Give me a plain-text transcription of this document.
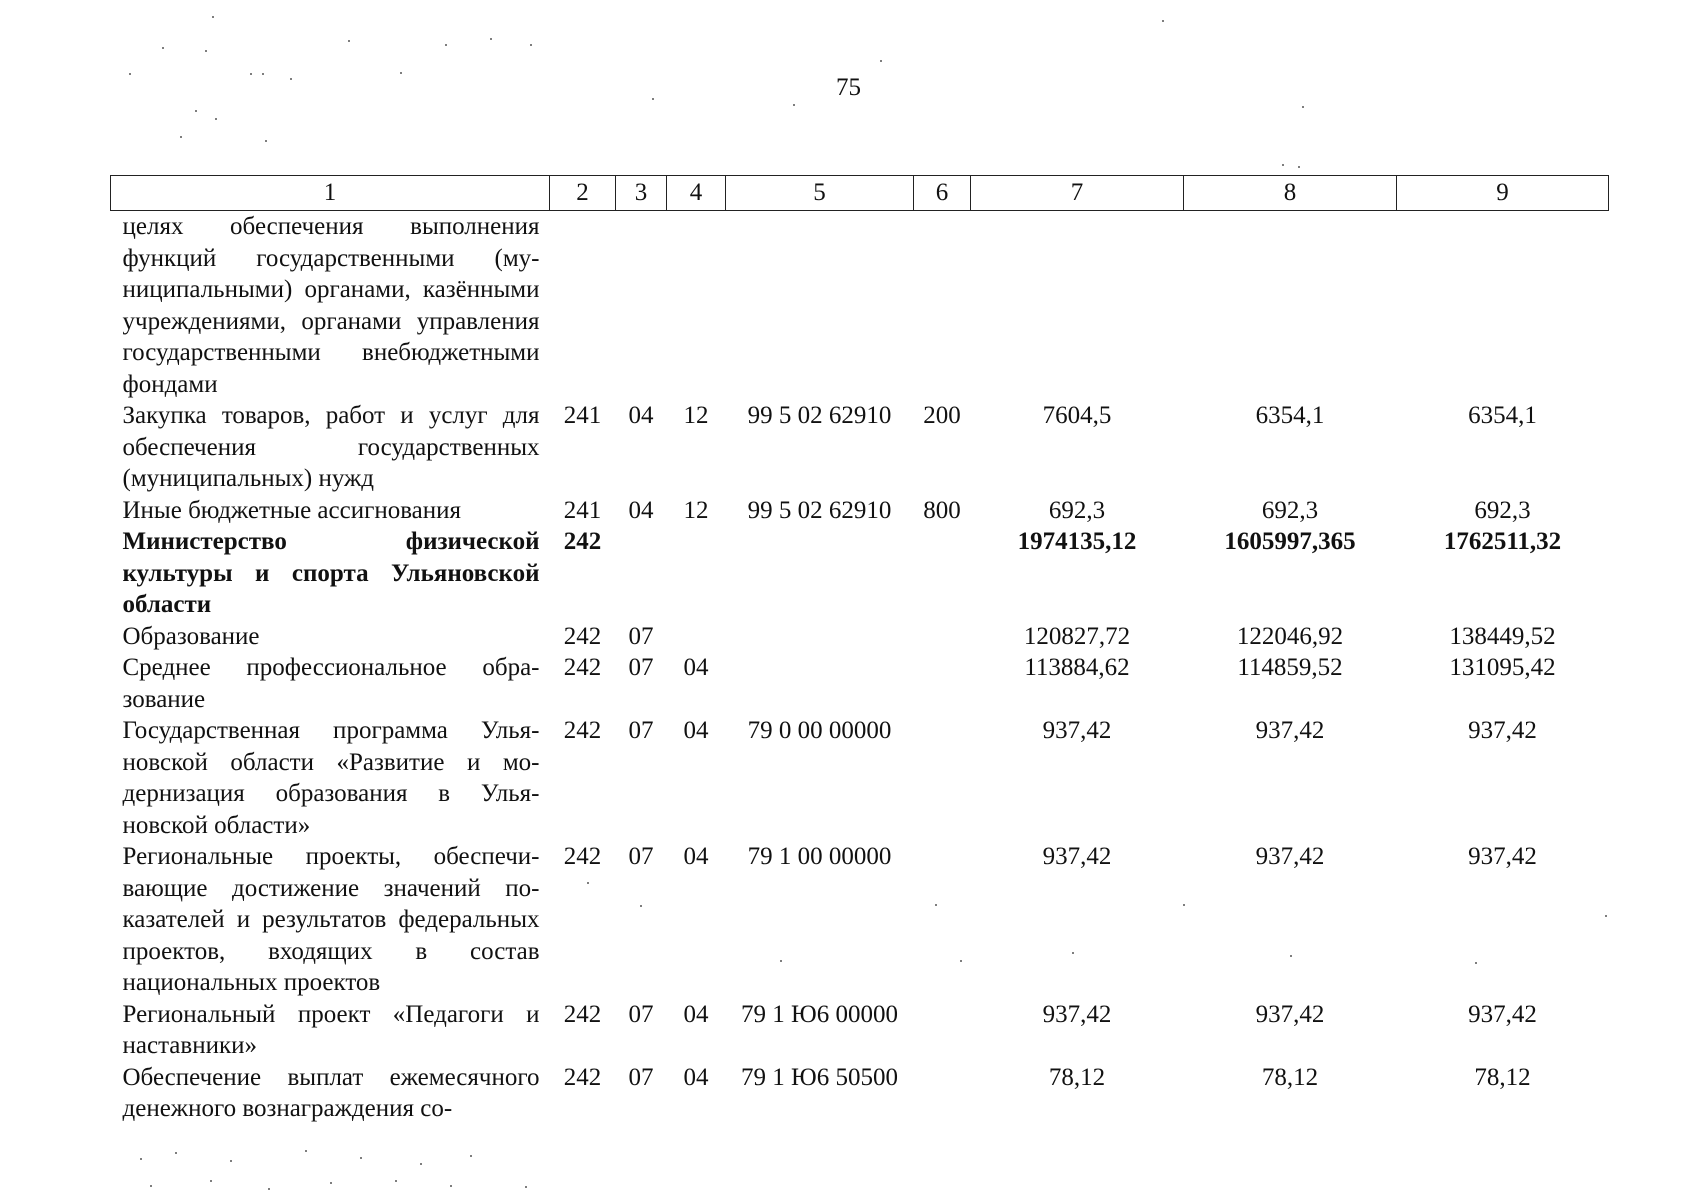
75
1	2	3	4	5	6	7	8	9
целях обеспечения выполнения функций государственными (муниципальными) органами, казёнными учреждениями, органами управления государственными внебюджетными фондами								
Закупка товаров, работ и услуг для обеспечения государственных (муниципальных) нужд	241	04	12	99 5 02 62910	200	7604,5	6354,1	6354,1
Иные бюджетные ассигнования	241	04	12	99 5 02 62910	800	692,3	692,3	692,3
Министерство физической культуры и спорта Ульяновской области	242					1974135,12	1605997,365	1762511,32
Образование	242	07				120827,72	122046,92	138449,52
Среднее профессиональное образование	242	07	04			113884,62	114859,52	131095,42
Государственная программа Ульяновской области «Развитие и модернизация образования в Ульяновской области»	242	07	04	79 0 00 00000		937,42	937,42	937,42
Региональные проекты, обеспечивающие достижение значений показателей и результатов федеральных проектов, входящих в состав национальных проектов	242	07	04	79 1 00 00000		937,42	937,42	937,42
Региональный проект «Педагоги и наставники»	242	07	04	79 1 Ю6 00000		937,42	937,42	937,42
Обеспечение выплат ежемесячного денежного вознаграждения со-	242	07	04	79 1 Ю6 50500		78,12	78,12	78,12
